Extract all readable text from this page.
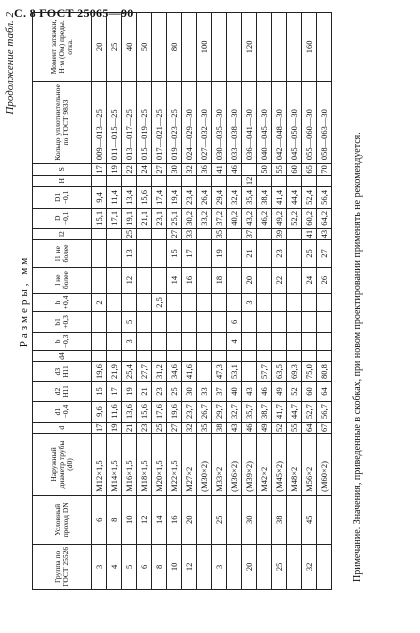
С. 8 ГОСТ 25065—90
Продолжение табл. 2
Размеры, мм
Группа по ГОСТ 25526	Условный проход DN	Наружный диаметр трубы (d0)	d	d1 −0,4	d2 H11	d3 H11	d4	b −0,3	b1 +0,3	h +0,4	l не более	l1 не более	l2	D −0,1	D1 −0,1	H	S	Кольцо уплотнительное по ГОСТ 9833	Момент затяжки, Н·м (Ом) преды. отка.
3	6	M12×1,5	17	9,6	15	19,6				2				15,1	9,4		17	009—013—25	20
4	8	M14×1,5	19	11,6	17	21,9								17,1	11,4		19	011—015—25	25
5	10	M16×1,5	21	13,6	19	25,4		3	5		12	13	25	19,1	13,4		22	013—017—25	40
6	12	M18×1,5	23	15,6	21	27,7								21,1	15,6		24	015—019—25	50
8	14	M20×1,5	25	17,6	23	31,2				2,5				23,1	17,4		27	017—021—25	
10	16	M22×1,5	27	19,6	25	34,6					14	15	27	25,1	19,4		30	019—023—25	80
12	20	M27×2	32	23,7	30	41,6					16	17	33	30,2	23,4		32	024—029—30	
		(M30×2)	35	26,7	33									33,2	26,4		36	027—032—30	100
3	25	M33×2	38	29,7	37	47,3					18	19	35	37,2	29,4		41	030—035—30	
		(M36×2)	43	32,7	40	53,1		4	6					40,2	32,4		46	033—038—30	
20	30	(M39×2)	46	35,7	43					3	20	21	37	43,2	35,4	12		036—041—30	120
		M42×2	49	38,7	46	57,7								46,2	38,4		50	040—045—30	
25	38	(M45×2)	52	41,7	49	63,5					22	23	39	49,2	41,4		55	042—048—30	
		M48×2	55	44,7	52	69,3								52,2	44,4		60	045—050—30	
32	45	M56×2	64	52,7	60	75,0					24	25	41	60,2	52,4		65	055—060—30	160
		(M60×2)	67	56,7	64	80,8					26	27	43	64,2	56,4		70	058—063—30	Примечание. Значения, приведенные в скобках, при новом проектировании применять не рекомендуется.
